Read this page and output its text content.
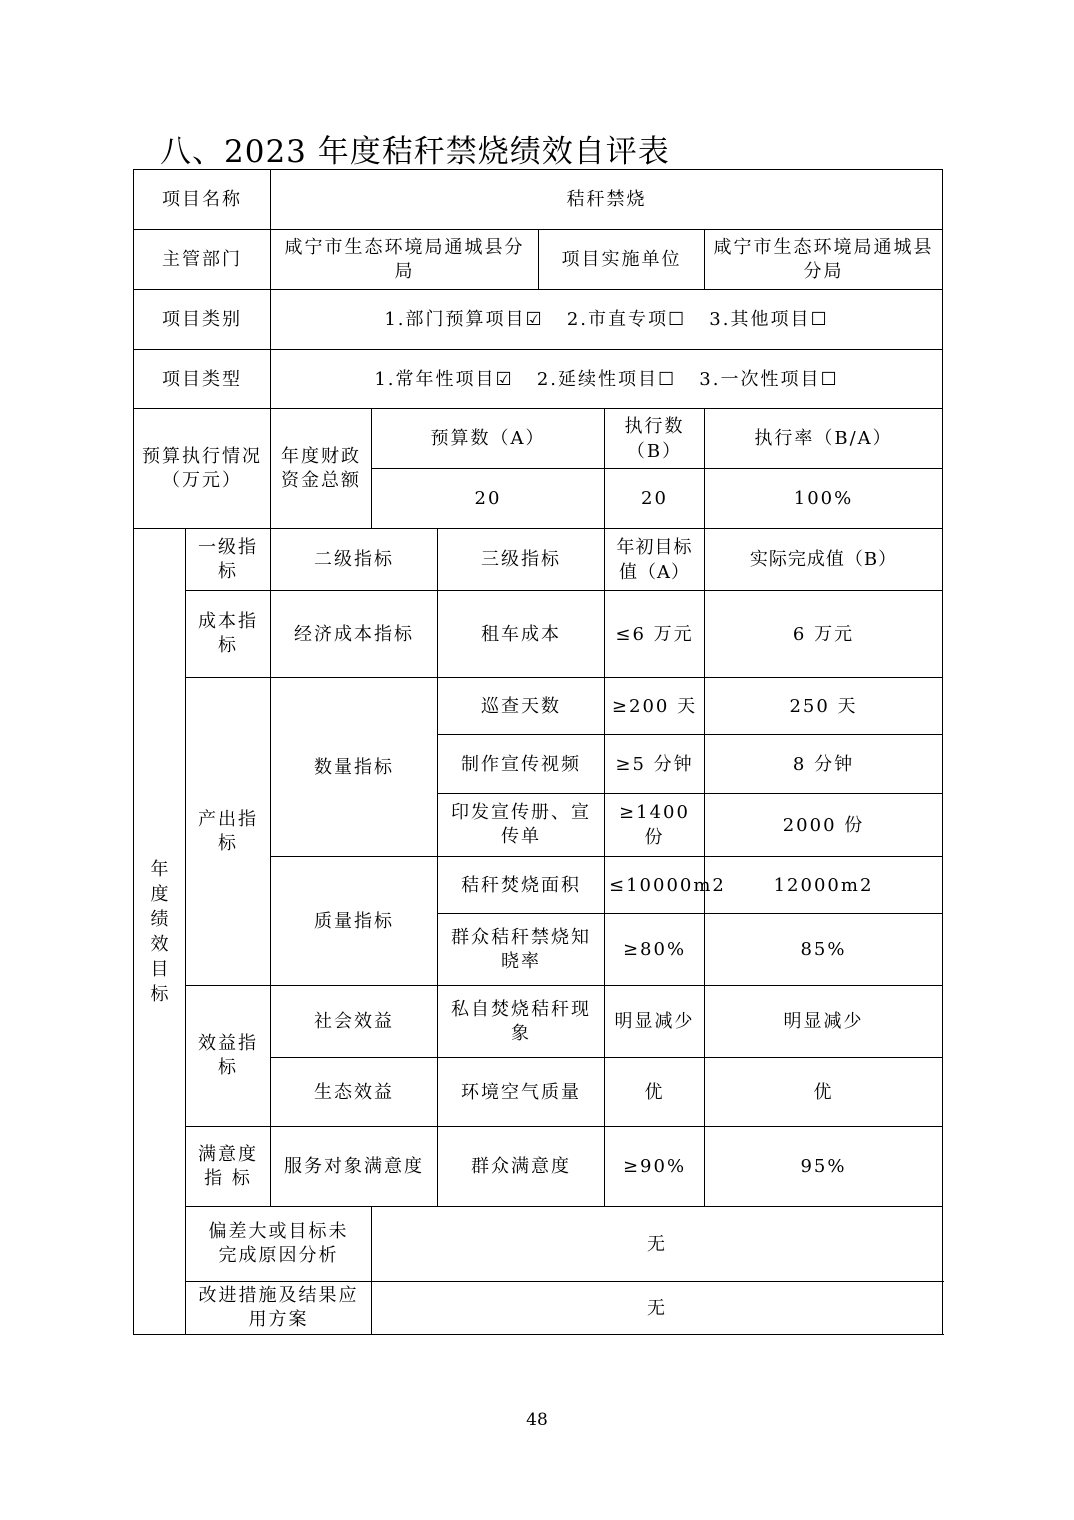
八、2023 年度秸秆禁烧绩效自评表
项目名称		秸秆禁烧					
主管部门		咸宁市生态环境局通城县分局			项目实施单位		咸宁市生态环境局通城县分局
项目类别		1.部门预算项目☑   2.市直专项☐   3.其他项目☐					
项目类型		1.常年性项目☑   2.延续性项目☐   3.一次性项目☐					
预算执行情况（万元）		年度财政资金总额	预算数（A）			执行数（B）	执行率（B/A）
			20			20	100%

年度绩效目标	一级指标	二级指标		三级指标		年初目标值（A）	实际完成值（B）
	成本指标	经济成本指标		租车成本		≤6 万元	6 万元
	产出指标	数量指标		巡查天数		≥200 天	250 天
				制作宣传视频		≥5 分钟	8 分钟
				印发宣传册、宣传单		≥1400 份	2000 份
		质量指标		秸秆焚烧面积		≤10000m2	12000m2
				群众秸秆禁烧知晓率		≥80%	85%
	效益指标	社会效益		私自焚烧秸秆现象		明显减少	明显减少
		生态效益		环境空气质量		优	优
	满意度指 标	服务对象满意度		群众满意度		≥90%	95%
	偏差大或目标未完成原因分析		无				
	改进措施及结果应用方案		无				
48
